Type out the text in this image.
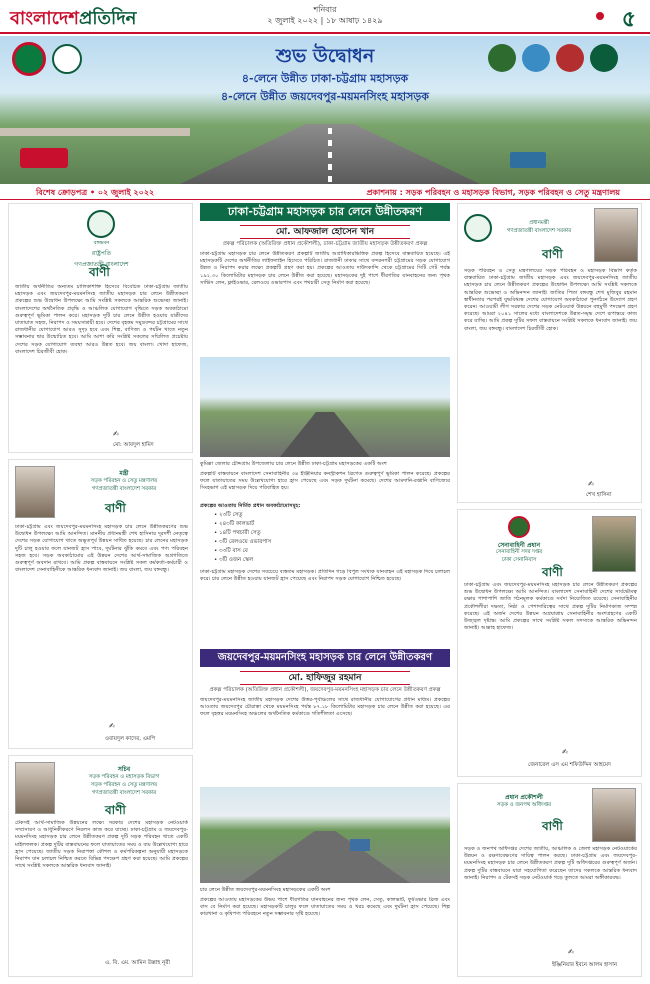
বাংলাদেশপ্রতিদিন	শনিবার
২ জুলাই ২০২২ | ১৮ আষাঢ় ১৪২৯	৫
শুভ উদ্বোধন
৪-লেনে উন্নীত ঢাকা-চট্টগ্রাম মহাসড়ক
৪-লেনে উন্নীত জয়দেবপুর-ময়মনসিংহ মহাসড়ক
বিশেষ ক্রোড়পত্র • ০২ জুলাই ২০২২	প্রকাশনায় : সড়ক পরিবহন ও মহাসড়ক বিভাগ, সড়ক পরিবহন ও সেতু মন্ত্রণালয়
বঙ্গভবন
রাষ্ট্রপতি
গণপ্রজাতন্ত্রী বাংলাদেশ
বাণী
জাতীয় অর্থনীতির অন্যতম চালিকাশক্তি হিসেবে বিবেচিত ঢাকা-চট্টগ্রাম জাতীয় মহাসড়ক এবং জয়দেবপুর-ময়মনসিংহ জাতীয় মহাসড়ক চার লেনে উন্নীতকরণ প্রকল্পের শুভ উদ্বোধন উপলক্ষ্যে আমি সংশ্লিষ্ট সকলকে আন্তরিক শুভেচ্ছা জানাই। বাংলাদেশের অর্থনৈতিক প্রবৃদ্ধি ও আঞ্চলিক যোগাযোগ বৃদ্ধিতে সড়ক অবকাঠামো গুরুত্বপূর্ণ ভূমিকা পালন করে। মহাসড়ক দুটি চার লেনে উন্নীত হওয়ায় যাত্রীদের যাতায়াত সহজ, নিরাপদ ও সময়সাশ্রয়ী হবে। দেশের বৃহত্তম সমুদ্রবন্দর চট্টগ্রামের সাথে রাজধানীর যোগাযোগ আরও সুদৃঢ় হবে এবং শিল্প, বাণিজ্য ও পর্যটন খাতে নতুন সম্ভাবনার দ্বার উন্মোচিত হবে। আমি আশা করি সংশ্লিষ্ট সকলের সম্মিলিত প্রচেষ্টায় দেশের সড়ক যোগাযোগ ব্যবস্থা আরও উন্নত হবে। জয় বাংলা। খোদা হাফেজ, বাংলাদেশ চিরজীবী হোক।
✍
মো: আবদুল হামিদ
মন্ত্রী
সড়ক পরিবহন ও সেতু মন্ত্রণালয়
গণপ্রজাতন্ত্রী বাংলাদেশ সরকার
বাণী
ঢাকা-চট্টগ্রাম এবং জয়দেবপুর-ময়মনসিংহ মহাসড়ক চার লেনে উন্নীতকরণের শুভ উদ্বোধন উপলক্ষ্যে আমি আনন্দিত। মাননীয় প্রধানমন্ত্রী শেখ হাসিনার দূরদর্শী নেতৃত্বে দেশের সড়ক যোগাযোগ খাতে অভূতপূর্ব উন্নয়ন সাধিত হয়েছে। চার লেনের মহাসড়ক দুটি চালু হওয়ার ফলে যানজট হ্রাস পাবে, দুর্ঘটনার ঝুঁকি কমবে এবং পণ্য পরিবহন সহজ হবে। সড়ক অবকাঠামোর এই উন্নয়ন দেশের আর্থ-সামাজিক অগ্রগতিতে গুরুত্বপূর্ণ অবদান রাখবে। আমি প্রকল্প বাস্তবায়নে সংশ্লিষ্ট সকল কর্মকর্তা-কর্মচারী ও বাংলাদেশ সেনাবাহিনীকে আন্তরিক ধন্যবাদ জানাই। জয় বাংলা, জয় বঙ্গবন্ধু।
✍
ওবায়দুল কাদের, এমপি
সচিব
সড়ক পরিবহন ও মহাসড়ক বিভাগ
সড়ক পরিবহন ও সেতু মন্ত্রণালয়
গণপ্রজাতন্ত্রী বাংলাদেশ সরকার
বাণী
টেকসই আর্থ-সামাজিক উন্নয়নের লক্ষ্যে সরকার দেশের মহাসড়ক নেটওয়ার্ক সম্প্রসারণ ও আধুনিকীকরণে নিরলস কাজ করে যাচ্ছে। ঢাকা-চট্টগ্রাম ও জয়দেবপুর-ময়মনসিংহ মহাসড়ক চার লেনে উন্নীতকরণ প্রকল্প দুটি সড়ক পরিবহন খাতে একটি মাইলফলক। প্রকল্প দুটির বাস্তবায়নের ফলে যাতায়াতের সময় ও ব্যয় উল্লেখযোগ্য হারে হ্রাস পেয়েছে। জাতীয় সড়ক নিরাপত্তা কৌশল ও কর্মপরিকল্পনা অনুযায়ী মহাসড়কে নিরাপদ যান চলাচল নিশ্চিত করতে বিভিন্ন পদক্ষেপ গ্রহণ করা হয়েছে। আমি প্রকল্পের সাথে সংশ্লিষ্ট সকলকে আন্তরিক ধন্যবাদ জানাই।
এ. বি. এম. আমিন উল্লাহ নূরী
ঢাকা-চট্টগ্রাম মহাসড়ক চার লেনে উন্নীতকরণ
মো. আফজাল হোসেন খান
প্রকল্প পরিচালক (অতিরিক্ত প্রধান প্রকৌশলী), ঢাকা-চট্টগ্রাম জাতীয় মহাসড়ক উন্নীতকরণ প্রকল্প
ঢাকা-চট্টগ্রাম মহাসড়ক চার লেনে উন্নীতকরণ প্রকল্পটি জাতীয় অগ্রাধিকারভিত্তিক প্রকল্প হিসেবে বাস্তবায়িত হয়েছে। এই মহাসড়কটি দেশের অর্থনীতির লাইফলাইন হিসেবে পরিচিত। রাজধানী ঢাকার সাথে বন্দরনগরী চট্টগ্রামের সড়ক যোগাযোগ উন্নত ও নিরাপদ করার লক্ষ্যে প্রকল্পটি গ্রহণ করা হয়। প্রকল্পের আওতায় দাউদকান্দি থেকে চট্টগ্রামের সিটি গেট পর্যন্ত ১৯২.৩০ কিলোমিটার মহাসড়ক চার লেনে উন্নীত করা হয়েছে। মহাসড়কের দুই পাশে ধীরগতির যানবাহনের জন্য পৃথক সার্ভিস লেন, ফ্লাইওভার, রেলওয়ে ওভারপাস এবং পথচারী সেতু নির্মাণ করা হয়েছে।
কুমিল্লা জেলার চৌদ্দগ্রাম উপজেলায় চার লেনে উন্নীত ঢাকা-চট্টগ্রাম মহাসড়কের একটি অংশ
প্রকল্পটি বাস্তবায়নে বাংলাদেশ সেনাবাহিনীর ৩৪ ইঞ্জিনিয়ার কনস্ট্রাকশন ব্রিগেড গুরুত্বপূর্ণ ভূমিকা পালন করেছে। প্রকল্পের ফলে যাতায়াতের সময় উল্লেখযোগ্য হারে হ্রাস পেয়েছে এবং সড়ক দুর্ঘটনা কমেছে। দেশের আমদানি-রপ্তানি বাণিজ্যের সিংহভাগ এই মহাসড়ক দিয়ে পরিবাহিত হয়।
প্রকল্পের আওতায় নির্মিত প্রধান অবকাঠামোসমূহ:
• ২৩টি সেতু
• ২৪৩টি কালভার্ট
• ১৪টি পথচারী সেতু
• ৩টি রেলওয়ে ওভারপাস
• ৩৩টি বাস বে
• ৩টি ওজন স্কেল
ঢাকা-চট্টগ্রাম মহাসড়ক দেশের সবচেয়ে ব্যস্ততম মহাসড়ক। প্রতিদিন গড়ে বিপুল সংখ্যক যানবাহন এই মহাসড়ক দিয়ে চলাচল করে। চার লেনে উন্নীত হওয়ায় যানজট হ্রাস পেয়েছে এবং নিরাপদ সড়ক যোগাযোগ নিশ্চিত হয়েছে।
জয়দেবপুর-ময়মনসিংহ মহাসড়ক চার লেনে উন্নীতকরণ
মো. হাফিজুর রহমান
প্রকল্প পরিচালক (অতিরিক্ত প্রধান প্রকৌশলী), জয়দেবপুর-ময়মনসিংহ মহাসড়ক চার লেনে উন্নীতকরণ প্রকল্প
জয়দেবপুর-ময়মনসিংহ জাতীয় মহাসড়ক দেশের উত্তর-পূর্বাঞ্চলের সাথে রাজধানীর যোগাযোগের প্রধান মাধ্যম। প্রকল্পের আওতায় জয়দেবপুর চৌরাস্তা থেকে ময়মনসিংহ পর্যন্ত ৮৭.১৮ কিলোমিটার মহাসড়ক চার লেনে উন্নীত করা হয়েছে। এর ফলে বৃহত্তর ময়মনসিংহ অঞ্চলের অর্থনৈতিক কর্মকাণ্ডে গতিশীলতা এসেছে।
চার লেনে উন্নীত জয়দেবপুর-ময়মনসিংহ মহাসড়কের একটি অংশ
প্রকল্পের আওতায় মহাসড়কের উভয় পাশে ধীরগতির যানবাহনের জন্য পৃথক লেন, সেতু, কালভার্ট, ফুটওভার ব্রিজ এবং বাস বে নির্মাণ করা হয়েছে। মহাসড়কটি চালুর ফলে যাতায়াতের সময় ও খরচ কমেছে এবং দুর্ঘটনা হ্রাস পেয়েছে। শিল্প কারখানা ও কৃষিপণ্য পরিবহনে নতুন সম্ভাবনার সৃষ্টি হয়েছে।
প্রধানমন্ত্রী
গণপ্রজাতন্ত্রী বাংলাদেশ সরকার
বাণী
সড়ক পরিবহন ও সেতু মন্ত্রণালয়ের সড়ক পরিবহন ও মহাসড়ক বিভাগ কর্তৃক বাস্তবায়িত ঢাকা-চট্টগ্রাম জাতীয় মহাসড়ক এবং জয়দেবপুর-ময়মনসিংহ জাতীয় মহাসড়ক চার লেনে উন্নীতকরণ প্রকল্পের উদ্বোধন উপলক্ষ্যে আমি সংশ্লিষ্ট সকলকে আন্তরিক শুভেচ্ছা ও অভিনন্দন জানাই। জাতির পিতা বঙ্গবন্ধু শেখ মুজিবুর রহমান স্বাধীনতার পরপরই যুদ্ধবিধ্বস্ত দেশের যোগাযোগ অবকাঠামো পুনর্গঠনে উদ্যোগ গ্রহণ করেন। আওয়ামী লীগ সরকার দেশের সড়ক নেটওয়ার্ক উন্নয়নে বহুমুখী পদক্ষেপ গ্রহণ করেছে। আমরা ২০৪১ সালের মধ্যে বাংলাদেশকে উন্নত-সমৃদ্ধ দেশে রূপান্তরে কাজ করে যাচ্ছি। আমি প্রকল্প দুটির সফল বাস্তবায়নে সংশ্লিষ্ট সকলকে ধন্যবাদ জানাই। জয় বাংলা, জয় বঙ্গবন্ধু। বাংলাদেশ চিরজীবী হোক।
✍
শেখ হাসিনা
সেনাবাহিনী প্রধান
সেনাবাহিনী সদর দপ্তর
ঢাকা সেনানিবাস
বাণী
ঢাকা-চট্টগ্রাম এবং জয়দেবপুর-ময়মনসিংহ মহাসড়ক চার লেনে উন্নীতকরণ প্রকল্পের শুভ উদ্বোধন উপলক্ষ্যে আমি আনন্দিত। বাংলাদেশ সেনাবাহিনী দেশের সার্বভৌমত্ব রক্ষার পাশাপাশি জাতি গঠনমূলক কর্মকাণ্ডে সর্বদা নিয়োজিত রয়েছে। সেনাবাহিনীর প্রকৌশলীরা দক্ষতা, নিষ্ঠা ও পেশাদারিত্বের সাথে প্রকল্প দুটির নির্মাণকাজ সম্পন্ন করেছে। এই অর্জন দেশের উন্নয়ন অগ্রযাত্রায় সেনাবাহিনীর অংশগ্রহণের একটি উজ্জ্বল দৃষ্টান্ত। আমি প্রকল্পের সাথে সংশ্লিষ্ট সকল সদস্যকে আন্তরিক অভিনন্দন জানাই। আল্লাহ হাফেজ।
✍
জেনারেল এস এম শফিউদ্দিন আহমেদ
প্রধান প্রকৌশলী
সড়ক ও জনপথ অধিদপ্তর
বাণী
সড়ক ও জনপথ অধিদপ্তর দেশের জাতীয়, আঞ্চলিক ও জেলা মহাসড়ক নেটওয়ার্কের উন্নয়ন ও রক্ষণাবেক্ষণের দায়িত্ব পালন করছে। ঢাকা-চট্টগ্রাম এবং জয়দেবপুর-ময়মনসিংহ মহাসড়ক চার লেনে উন্নীতকরণ প্রকল্প দুটি অধিদপ্তরের গুরুত্বপূর্ণ অর্জন। প্রকল্প দুটির বাস্তবায়নে যারা সহযোগিতা করেছেন তাদের সকলকে আন্তরিক ধন্যবাদ জানাই। নিরাপদ ও টেকসই সড়ক নেটওয়ার্ক গড়ে তুলতে আমরা অঙ্গীকারবদ্ধ।
✍
ইঞ্জিনিয়ার ইবনে আলম হাসান
